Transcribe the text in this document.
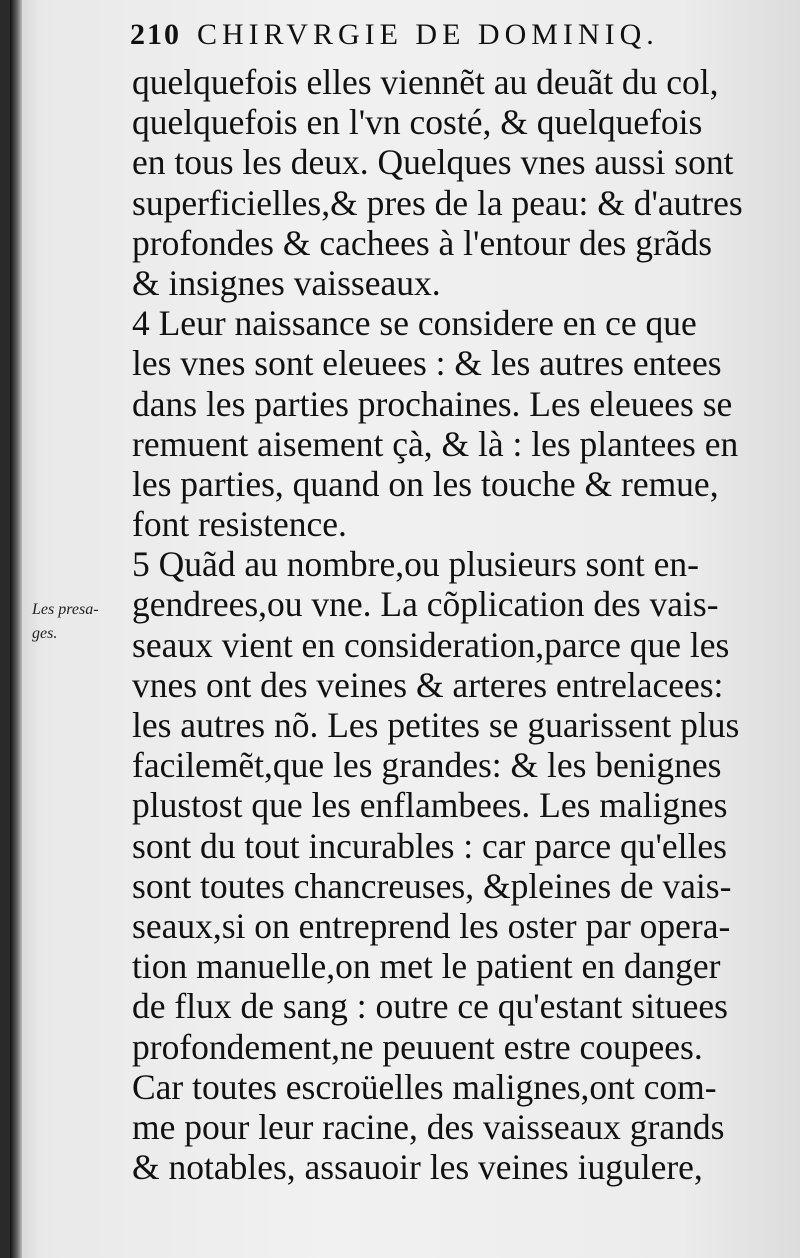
210 CHIRVRGIE DE DOMINIQ.
Les presa-
ges.
quelquefois elles viennẽt au deuãt du col,
quelquefois en l'vn costé, & quelquefois
en tous les deux. Quelques vnes aussi sont
superficielles,& pres de la peau: & d'autres
profondes & cachees à l'entour des grãds
& insignes vaisseaux.
4 Leur naissance se considere en ce que
les vnes sont eleuees : & les autres entees
dans les parties prochaines. Les eleuees se
remuent aisement çà, & là : les plantees en
les parties, quand on les touche & remue,
font resistence.
5 Quãd au nombre,ou plusieurs sont en-
gendrees,ou vne. La cõplication des vais-
seaux vient en consideration,parce que les
vnes ont des veines & arteres entrelacees:
les autres nõ. Les petites se guarissent plus
facilemẽt,que les grandes: & les benignes
plustost que les enflambees. Les malignes
sont du tout incurables : car parce qu'elles
sont toutes chancreuses, &pleines de vais-
seaux,si on entreprend les oster par opera-
tion manuelle,on met le patient en danger
de flux de sang : outre ce qu'estant situees
profondement,ne peuuent estre coupees.
Car toutes escroüelles malignes,ont com-
me pour leur racine, des vaisseaux grands
& notables, assauoir les veines iugulere,
